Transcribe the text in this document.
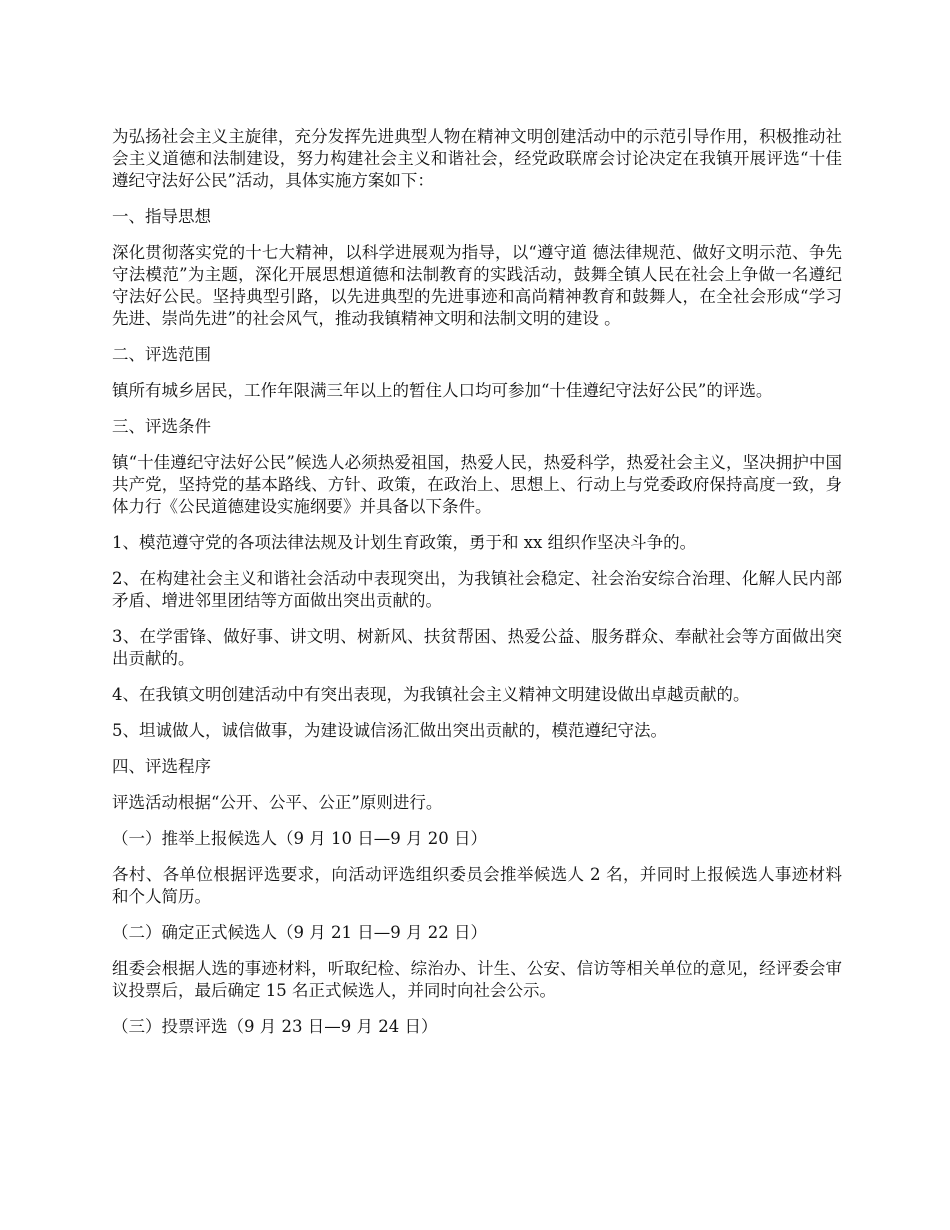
为弘扬社会主义主旋律，充分发挥先进典型人物在精神文明创建活动中的示范引导作用，积极推动社会主义道德和法制建设，努力构建社会主义和谐社会，经党政联席会讨论决定在我镇开展评选“十佳遵纪守法好公民”活动，具体实施方案如下：

一、指导思想

深化贯彻落实党的十七大精神，以科学进展观为指导，以“遵守道 德法律规范、做好文明示范、争先守法模范”为主题，深化开展思想道德和法制教育的实践活动，鼓舞全镇人民在社会上争做一名遵纪守法好公民。坚持典型引路，以先进典型的先进事迹和高尚精神教育和鼓舞人，在全社会形成“学习先进、崇尚先进”的社会风气，推动我镇精神文明和法制文明的建设 。

二、评选范围

镇所有城乡居民，工作年限满三年以上的暂住人口均可参加“十佳遵纪守法好公民”的评选。

三、评选条件

镇“十佳遵纪守法好公民”候选人必须热爱祖国，热爱人民，热爱科学，热爱社会主义，坚决拥护中国共产党，坚持党的基本路线、方针、政策，在政治上、思想上、行动上与党委政府保持高度一致，身体力行《公民道德建设实施纲要》并具备以下条件。

1、模范遵守党的各项法律法规及计划生育政策，勇于和 xx 组织作坚决斗争的。

2、在构建社会主义和谐社会活动中表现突出，为我镇社会稳定、社会治安综合治理、化解人民内部矛盾、增进邻里团结等方面做出突出贡献的。

3、在学雷锋、做好事、讲文明、树新风、扶贫帮困、热爱公益、服务群众、奉献社会等方面做出突出贡献的。

4、在我镇文明创建活动中有突出表现，为我镇社会主义精神文明建设做出卓越贡献的。

5、坦诚做人，诚信做事，为建设诚信汤汇做出突出贡献的，模范遵纪守法。

四、评选程序

评选活动根据“公开、公平、公正”原则进行。

（一）推举上报候选人（9 月 10 日—9 月 20 日）

各村、各单位根据评选要求，向活动评选组织委员会推举候选人 2 名，并同时上报候选人事迹材料和个人简历。

（二）确定正式候选人（9 月 21 日—9 月 22 日）

组委会根据人选的事迹材料，听取纪检、综治办、计生、公安、信访等相关单位的意见，经评委会审议投票后，最后确定 15 名正式候选人，并同时向社会公示。

（三）投票评选（9 月 23 日—9 月 24 日）
